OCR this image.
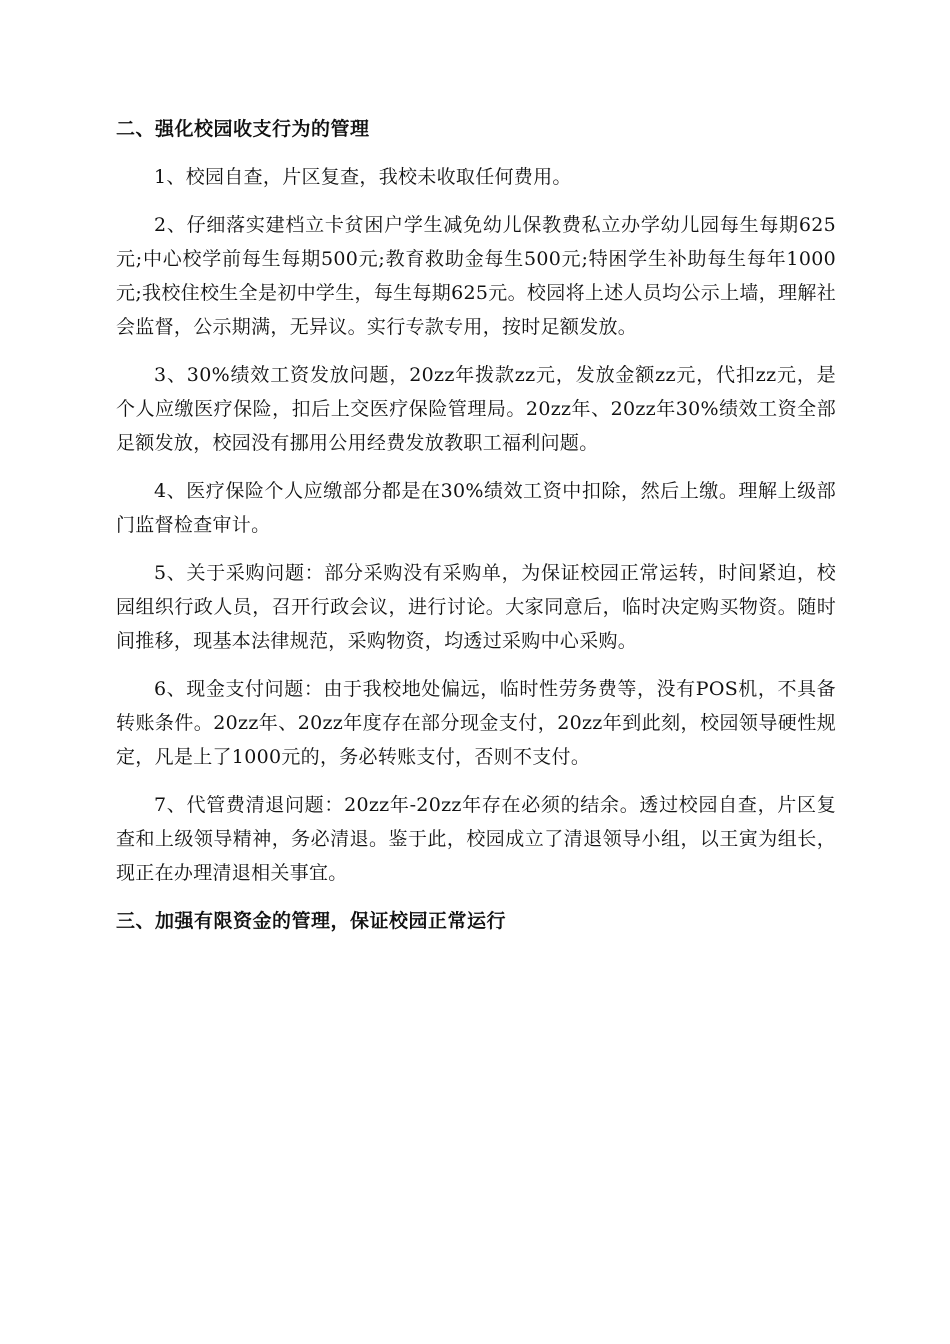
二、强化校园收支行为的管理

1、校园自查，片区复查，我校未收取任何费用。

2、仔细落实建档立卡贫困户学生减免幼儿保教费私立办学幼儿园每生每期625元;中心校学前每生每期500元;教育救助金每生500元;特困学生补助每生每年1000元;我校住校生全是初中学生，每生每期625元。校园将上述人员均公示上墙，理解社会监督，公示期满，无异议。实行专款专用，按时足额发放。

3、30%绩效工资发放问题，20zz年拨款zz元，发放金额zz元，代扣zz元，是个人应缴医疗保险，扣后上交医疗保险管理局。20zz年、20zz年30%绩效工资全部足额发放，校园没有挪用公用经费发放教职工福利问题。

4、医疗保险个人应缴部分都是在30%绩效工资中扣除，然后上缴。理解上级部门监督检查审计。

5、关于采购问题：部分采购没有采购单，为保证校园正常运转，时间紧迫，校园组织行政人员，召开行政会议，进行讨论。大家同意后，临时决定购买物资。随时间推移，现基本法律规范，采购物资，均透过采购中心采购。

6、现金支付问题：由于我校地处偏远，临时性劳务费等，没有POS机，不具备转账条件。20zz年、20zz年度存在部分现金支付，20zz年到此刻，校园领导硬性规定，凡是上了1000元的，务必转账支付，否则不支付。

7、代管费清退问题：20zz年-20zz年存在必须的结余。透过校园自查，片区复查和上级领导精神，务必清退。鉴于此，校园成立了清退领导小组，以王寅为组长，现正在办理清退相关事宜。

三、加强有限资金的管理，保证校园正常运行
